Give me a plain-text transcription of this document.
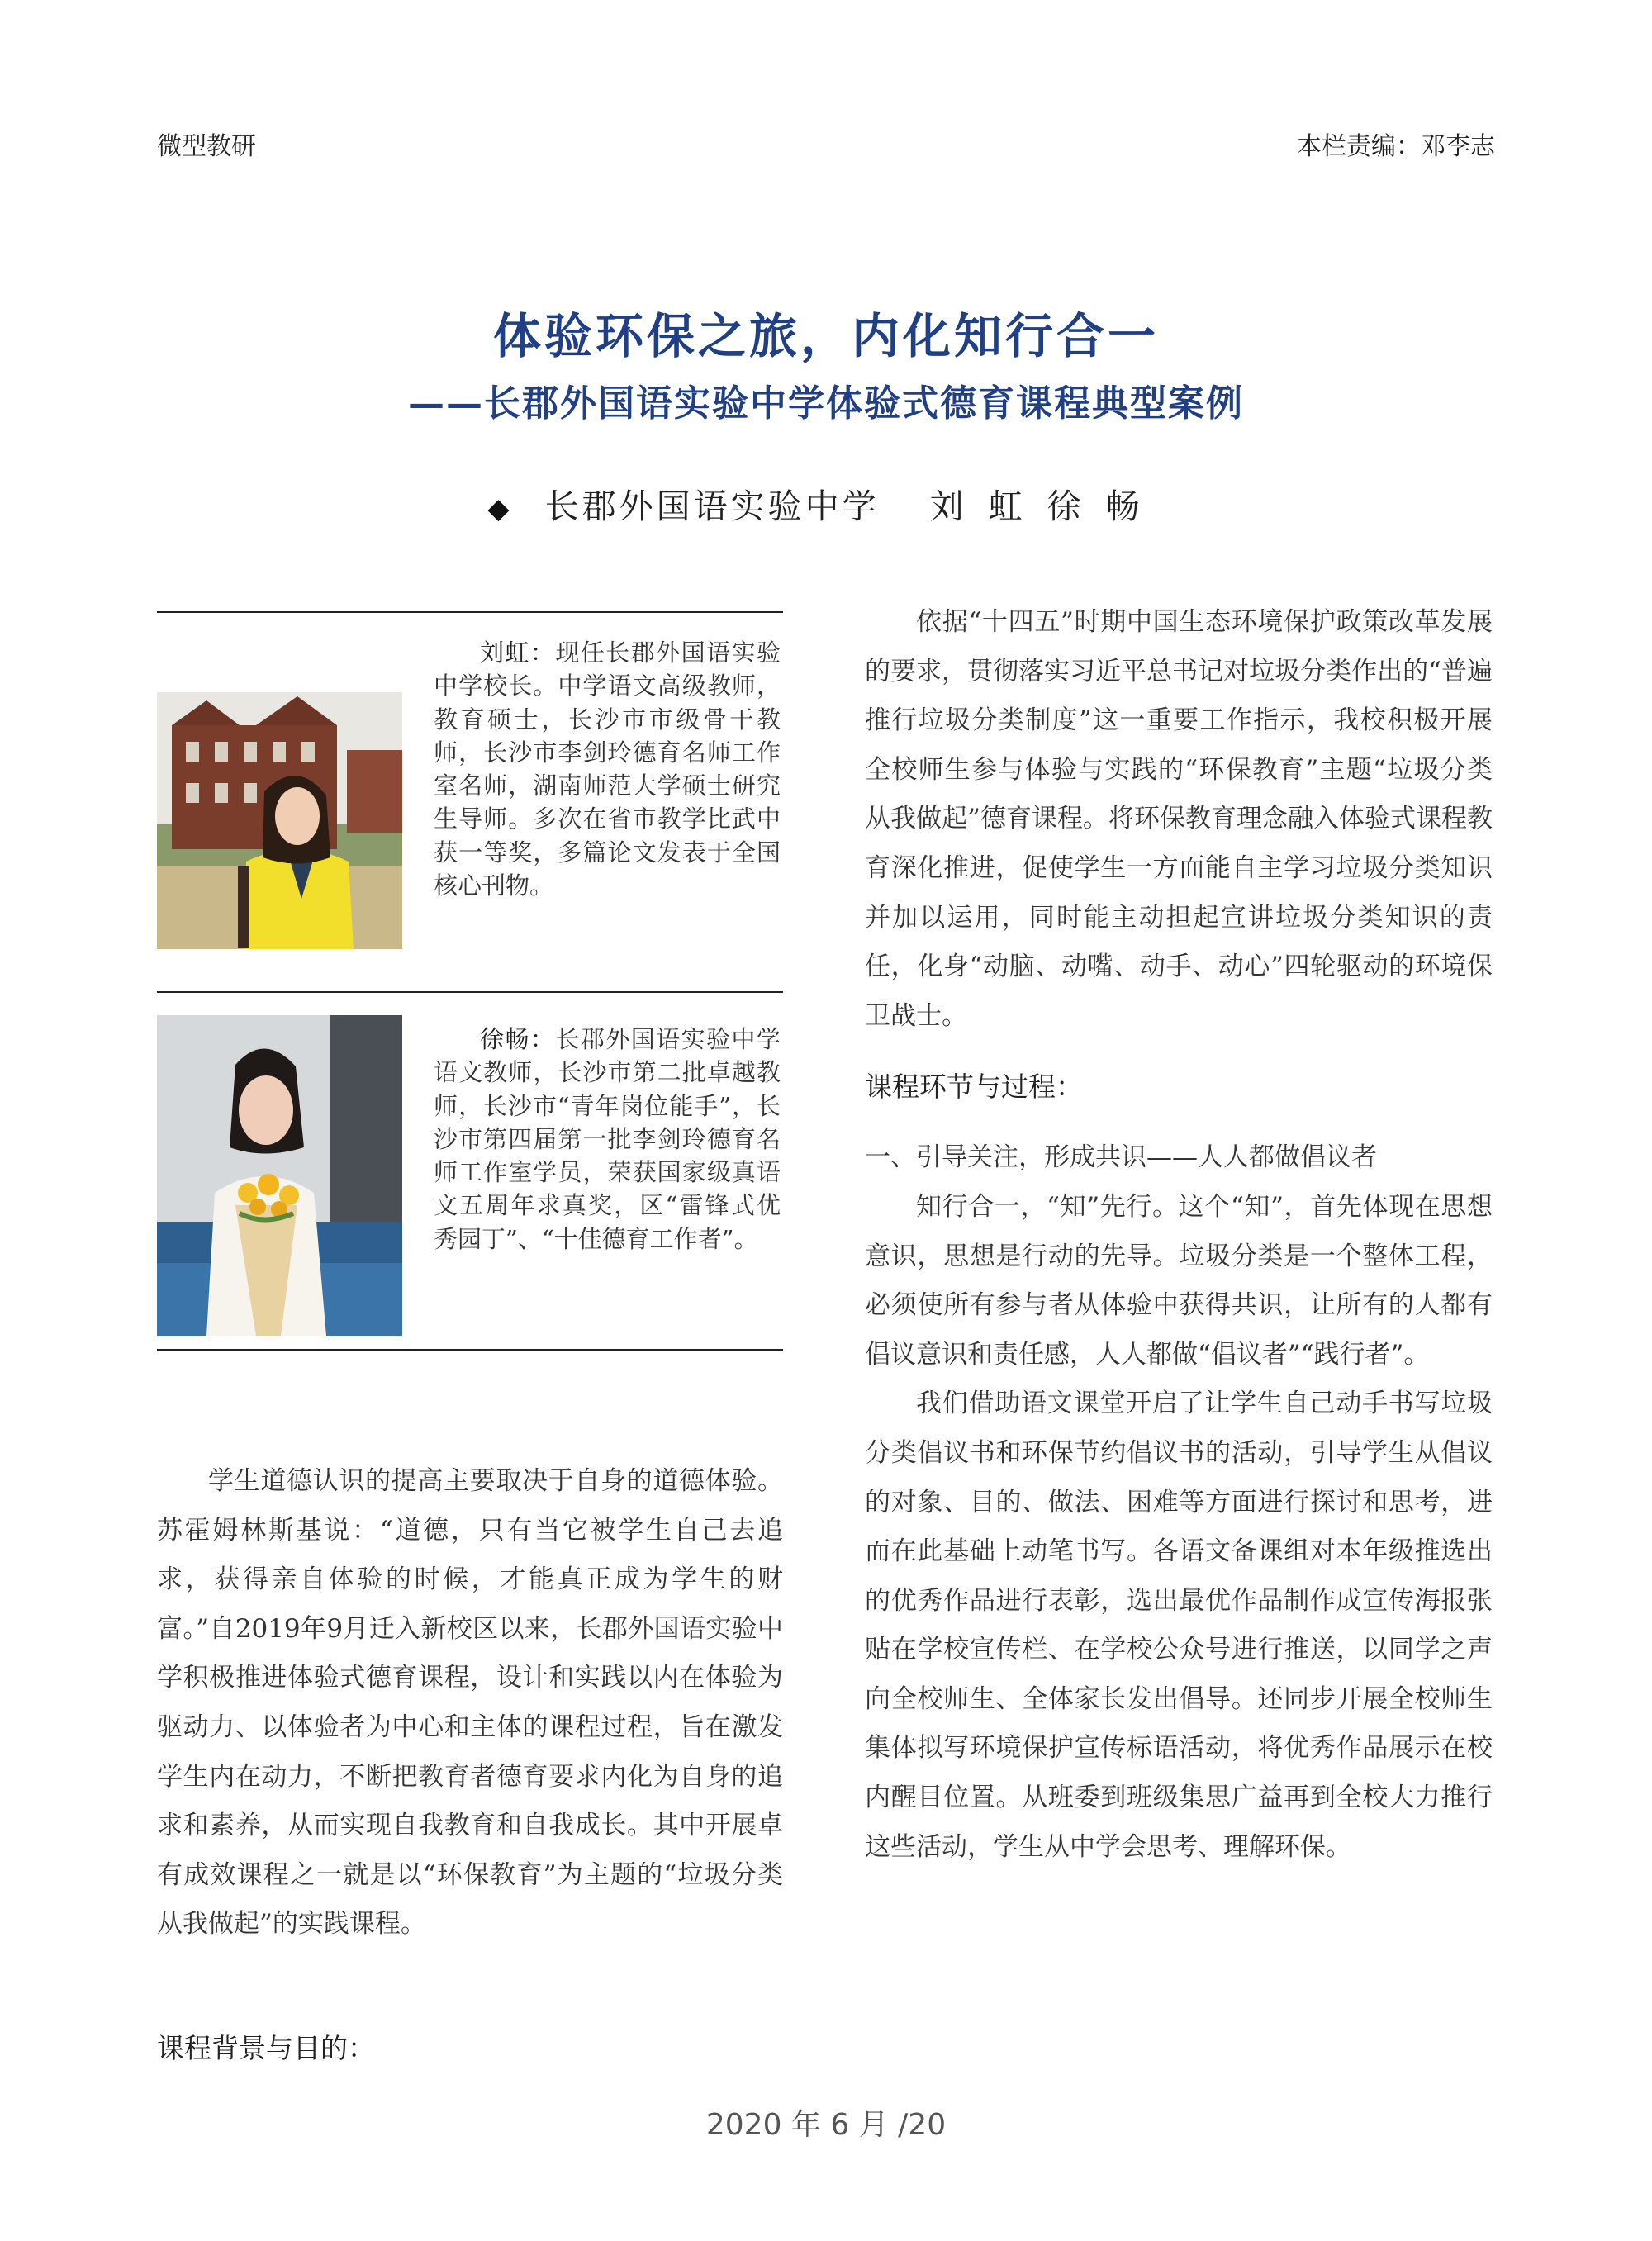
微型教研	本栏责编：邓李志
体验环保之旅，内化知行合一
——长郡外国语实验中学体验式德育课程典型案例
◆ 长郡外国语实验中学 刘虹徐畅
刘虹：现任长郡外国语实验中学校长。中学语文高级教师，教育硕士，长沙市市级骨干教师，长沙市李剑玲德育名师工作室名师，湖南师范大学硕士研究生导师。多次在省市教学比武中获一等奖，多篇论文发表于全国核心刊物。
徐畅：长郡外国语实验中学语文教师，长沙市第二批卓越教师，长沙市“青年岗位能手”，长沙市第四届第一批李剑玲德育名师工作室学员，荣获国家级真语文五周年求真奖，区“雷锋式优秀园丁”、“十佳德育工作者”。

学生道德认识的提高主要取决于自身的道德体验。苏霍姆林斯基说：“道德，只有当它被学生自己去追求，获得亲自体验的时候，才能真正成为学生的财富。”自2019年9月迁入新校区以来，长郡外国语实验中学积极推进体验式德育课程，设计和实践以内在体验为驱动力、以体验者为中心和主体的课程过程，旨在激发学生内在动力，不断把教育者德育要求内化为自身的追求和素养，从而实现自我教育和自我成长。其中开展卓有成效课程之一就是以“环保教育”为主题的“垃圾分类从我做起”的实践课程。

课程背景与目的：

依据“十四五”时期中国生态环境保护政策改革发展的要求，贯彻落实习近平总书记对垃圾分类作出的“普遍推行垃圾分类制度”这一重要工作指示，我校积极开展 全校师生参与体验与实践的“环保教育”主题“垃圾分类从我做起”德育课程。将环保教育理念融入体验式课程教育深化推进，促使学生一方面能自主学习垃圾分类知识并加以运用，同时能主动担起宣讲垃圾分类知识的责任，化身“动脑、动嘴、动手、动心”四轮驱动的环境保卫战士。

课程环节与过程：

一、引导关注，形成共识——人人都做倡议者

知行合一，“知”先行。这个“知”，首先体现在思想意识，思想是行动的先导。垃圾分类是一个整体工程，必须使所有参与者从体验中获得共识，让所有的人都有倡议意识和责任感，人人都做“倡议者”“践行者”。

我们借助语文课堂开启了让学生自己动手书写垃圾分类倡议书和环保节约倡议书的活动，引导学生从倡议的对象、目的、做法、困难等方面进行探讨和思考，进而在此基础上动笔书写。各语文备课组对本年级推选出的优秀作品进行表彰，选出最优作品制作成宣传海报张贴在学校宣传栏、在学校公众号进行推送，以同学之声向全校师生、全体家长发出倡导。还同步开展全校师生集体拟写环境保护宣传标语活动，将优秀作品展示在校内醒目位置。从班委到班级集思广益再到全校大力推行这些活动，学生从中学会思考、理解环保。

2020 年 6 月 /20
